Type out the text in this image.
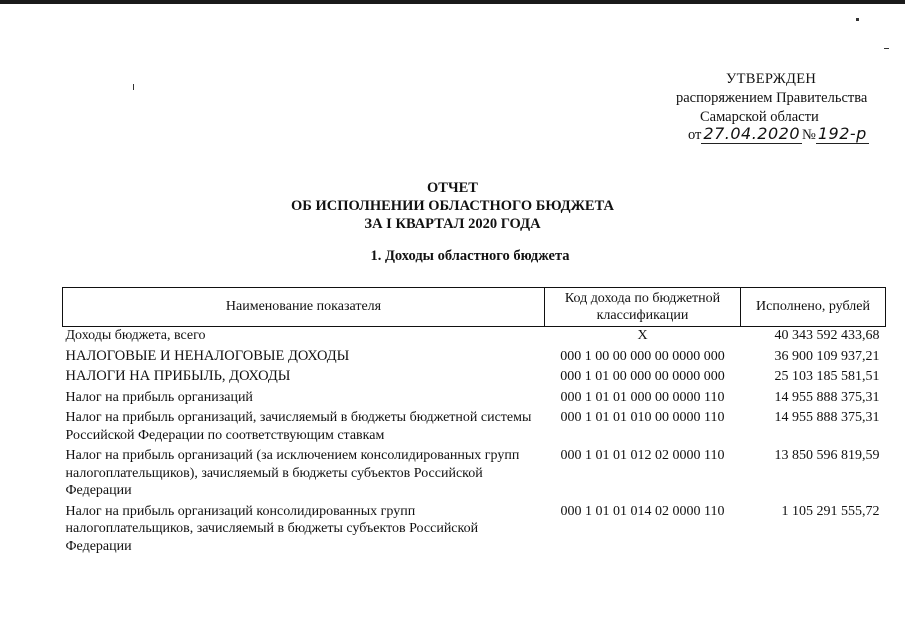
УТВЕРЖДЕН
распоряжением Правительства
Самарской области
от 27.04.2020 № 192-р
ОТЧЕТ
ОБ ИСПОЛНЕНИИ ОБЛАСТНОГО БЮДЖЕТА
ЗА I КВАРТАЛ 2020 ГОДА
1. Доходы областного бюджета
Наименование показателя	Код дохода по бюджетной классификации	Исполнено, рублей
Доходы бюджета, всего	X	40 343 592 433,68
НАЛОГОВЫЕ И НЕНАЛОГОВЫЕ ДОХОДЫ	000 1 00 00 000 00 0000 000	36 900 109 937,21
НАЛОГИ НА ПРИБЫЛЬ, ДОХОДЫ	000 1 01 00 000 00 0000 000	25 103 185 581,51
Налог на прибыль организаций	000 1 01 01 000 00 0000 110	14 955 888 375,31
Налог на прибыль организаций, зачисляемый в бюджеты бюджетной системы Российской Федерации по соответствующим ставкам	000 1 01 01 010 00 0000 110	14 955 888 375,31
Налог на прибыль организаций (за исключением консолидированных групп налогоплательщиков), зачисляемый в бюджеты субъектов Российской Федерации	000 1 01 01 012 02 0000 110	13 850 596 819,59
Налог на прибыль организаций консолидированных групп налогоплательщиков, зачисляемый в бюджеты субъектов Российской Федерации	000 1 01 01 014 02 0000 110	1 105 291 555,72
